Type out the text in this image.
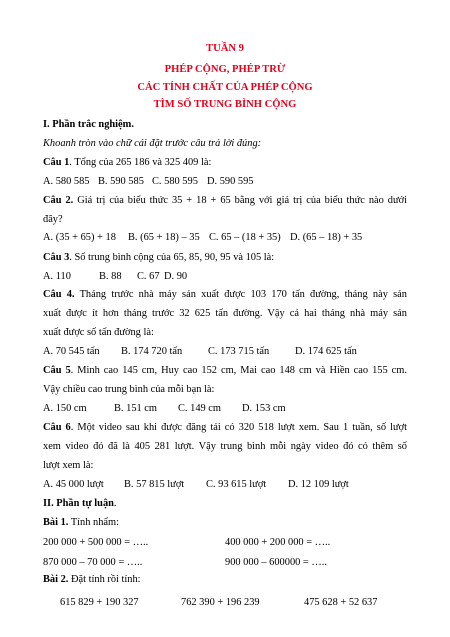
TUẦN 9
PHÉP CỘNG, PHÉP TRỪ
CÁC TÍNH CHẤT CỦA PHÉP CỘNG
TÌM SỐ TRUNG BÌNH CỘNG
I. Phần trắc nghiệm.
Khoanh tròn vào chữ cái đặt trước câu trả lời đúng:
Câu 1. Tổng của 265 186 và 325 409 là:
A. 580 585 B. 590 585 C. 580 595 D. 590 595
Câu 2. Giá trị của biểu thức 35 + 18 + 65 bằng với giá trị của biểu thức nào dưới
đây?
A. (35 + 65) + 18 B. (65 + 18) – 35 C. 65 – (18 + 35) D. (65 – 18) + 35
Câu 3. Số trung bình cộng của 65, 85, 90, 95 và 105 là:
A. 110	B. 88 C. 67 D. 90
Câu 4. Tháng trước nhà máy sản xuất được 103 170 tấn đường, tháng này sản
xuất được ít hơn tháng trước 32 625 tấn đường. Vậy cả hai tháng nhà máy sản
xuất được số tấn đường là:
A. 70 545 tấn B. 174 720 tấn C. 173 715 tấn D. 174 625 tấn
Câu 5. Minh cao 145 cm, Huy cao 152 cm, Mai cao 148 cm và Hiền cao 155 cm.
Vậy chiều cao trung bình của mỗi bạn là:
A. 150 cm	B. 151 cm C. 149 cm D. 153 cm
Câu 6. Một video sau khi được đăng tải có 320 518 lượt xem. Sau 1 tuần, số lượt
xem video đó đã là 405 281 lượt. Vậy trung bình mỗi ngày video đó có thêm số
lượt xem là:
A. 45 000 lượt B. 57 815 lượt C. 93 615 lượt D. 12 109 lượt
II. Phần tự luận.
Bài 1. Tính nhẩm:
200 000 + 500 000 = …..	400 000 + 200 000 = …..
870 000 – 70 000 = …..	900 000 – 600000 = …..
Bài 2. Đặt tính rồi tính:
615 829 + 190 327	762 390 + 196 239	475 628 + 52 637
